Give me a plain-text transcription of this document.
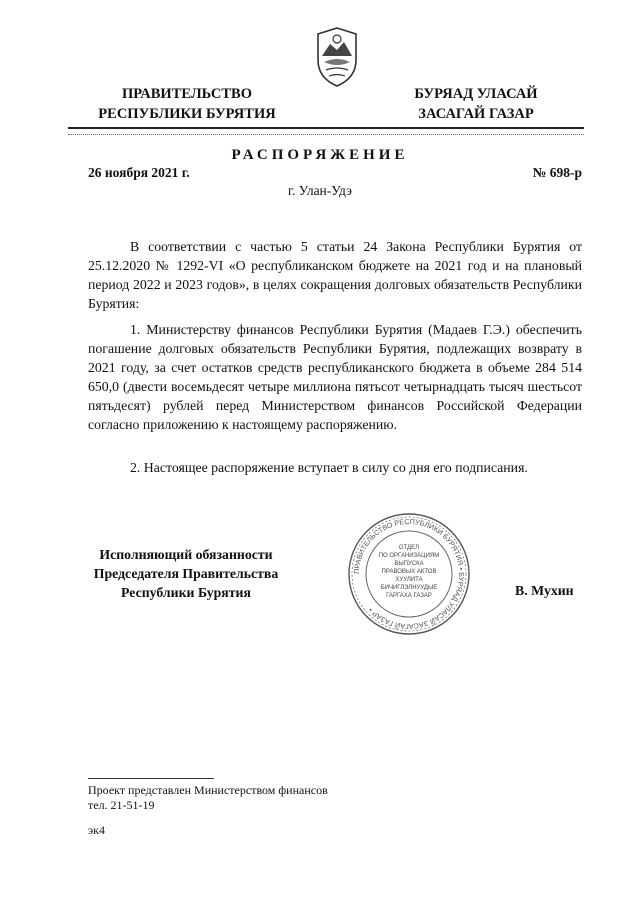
ПРАВИТЕЛЬСТВО
РЕСПУБЛИКИ БУРЯТИЯ
БУРЯАД УЛАСАЙ
ЗАСАГАЙ ГАЗАР
РАСПОРЯЖЕНИЕ
26 ноября 2021 г.	№ 698-р
г. Улан-Удэ
В соответствии с частью 5 статьи 24 Закона Республики Бурятия от 25.12.2020 № 1292-VI «О республиканском бюджете на 2021 год и на плановый период 2022 и 2023 годов», в целях сокращения долговых обязательств Республики Бурятия:
1. Министерству финансов Республики Бурятия (Мадаев Г.Э.) обеспечить погашение долговых обязательств Республики Бурятия, подлежащих возврату в 2021 году, за счет остатков средств республиканского бюджета в объеме 284 514 650,0 (двести восемьдесят четыре миллиона пятьсот четырнадцать тысяч шестьсот пятьдесят) рублей перед Министерством финансов Российской Федерации согласно приложению к настоящему распоряжению.
2. Настоящее распоряжение вступает в силу со дня его подписания.
Исполняющий обязанности
Председателя Правительства
Республики Бурятия
ПРАВИТЕЛЬСТВО РЕСПУБЛИКИ БУРЯТИЯ • БУРЯАД УЛАСАЙ ЗАСАГАЙ ГАЗАР •
ОТДЕЛ
ПО ОРГАНИЗАЦИЯМ
ВЫПУСКА
ПРАВОВЫХ АКТОВ
ХУУЛИТА
БИЧИГЛЭЛНУУДЫЕ
ГАРГАХА ГАЗАР	В. Мухин
Проект представлен Министерством финансов
тел. 21-51-19
эк4
